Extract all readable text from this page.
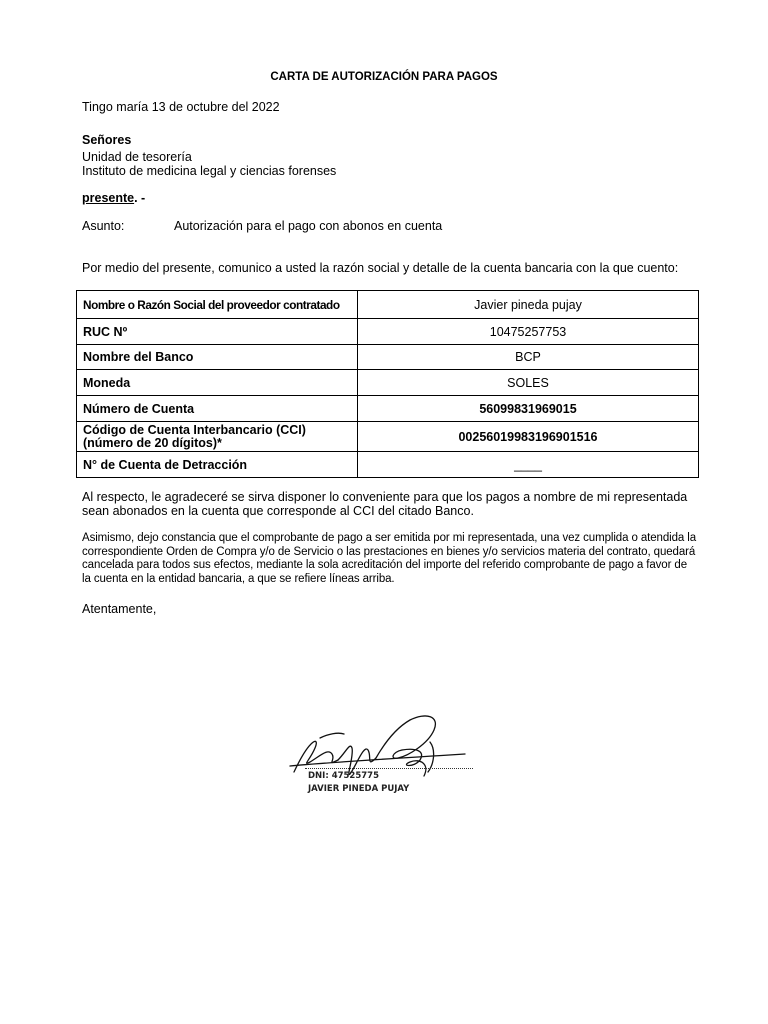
CARTA DE AUTORIZACIÓN PARA PAGOS
Tingo maría 13 de octubre del 2022
Señores
Unidad de tesorería
Instituto de medicina legal y ciencias forenses
presente. -
Asunto:	Autorización para el pago con abonos en cuenta
Por medio del presente, comunico a usted la razón social y detalle de la cuenta bancaria con la que cuento:
Nombre o Razón Social del proveedor contratado	Javier pineda pujay
RUC Nº	10475257753
Nombre del Banco	BCP
Moneda	SOLES
Número de Cuenta	56099831969015

Código de Cuenta Interbancario (CCI)
(número de 20 dígitos)*	00256019983196901516
N° de Cuenta de Detracción	____
Al respecto, le agradeceré se sirva disponer lo conveniente para que los pagos a nombre de mi representada sean abonados en la cuenta que corresponde al CCI del citado Banco.
Asimismo, dejo constancia que el comprobante de pago a ser emitida por mi representada, una vez cumplida o atendida la correspondiente Orden de Compra y/o de Servicio o las prestaciones en bienes y/o servicios materia del contrato, quedará cancelada para todos sus efectos, mediante la sola acreditación del importe del referido comprobante de pago a favor de la cuenta en la entidad bancaria, a que se refiere líneas arriba.
Atentamente,
DNI: 47525775
JAVIER PINEDA PUJAY
